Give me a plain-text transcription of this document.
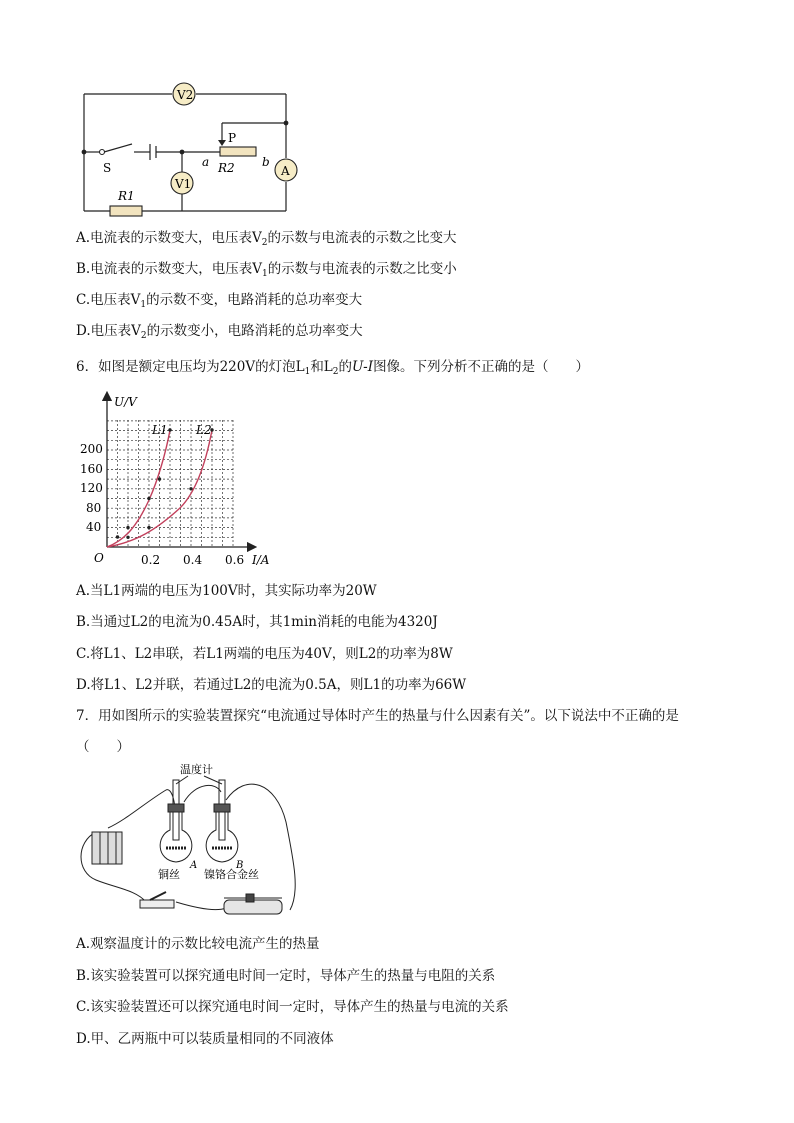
V2
V1
A
S
P
a	b
R2
R1
A.电流表的示数变大，电压表$V_2$的示数与电流表的示数之比变大
B.电流表的示数变大，电压表$V_1$的示数与电流表的示数之比变小
C.电压表$V_1$的示数不变，电路消耗的总功率变大
D.电压表$V_2$的示数变小，电路消耗的总功率变大
6．如图是额定电压均为220V的灯泡$L_1$和$L_2$的U-I图像。下列分析不正确的是（　　）
U/V
I/A
O
40
80
120
160
200
0.2 0.4 0.6
L1 L2
A.当L1两端的电压为100V时，其实际功率为20W
B.当通过L2的电流为0.45A时，其1min消耗的电能为4320J
C.将L1、L2串联，若L1两端的电压为40V，则L2的功率为8W
D.将L1、L2并联，若通过L2的电流为0.5A，则L1的功率为66W
7．用如图所示的实验装置探究“电流通过导体时产生的热量与什么因素有关”。以下说法中不正确的是
（　　）
温度计
铜丝 镍铬合金丝
A	B
A.观察温度计的示数比较电流产生的热量
B.该实验装置可以探究通电时间一定时，导体产生的热量与电阻的关系
C.该实验装置还可以探究通电时间一定时，导体产生的热量与电流的关系
D.甲、乙两瓶中可以装质量相同的不同液体
